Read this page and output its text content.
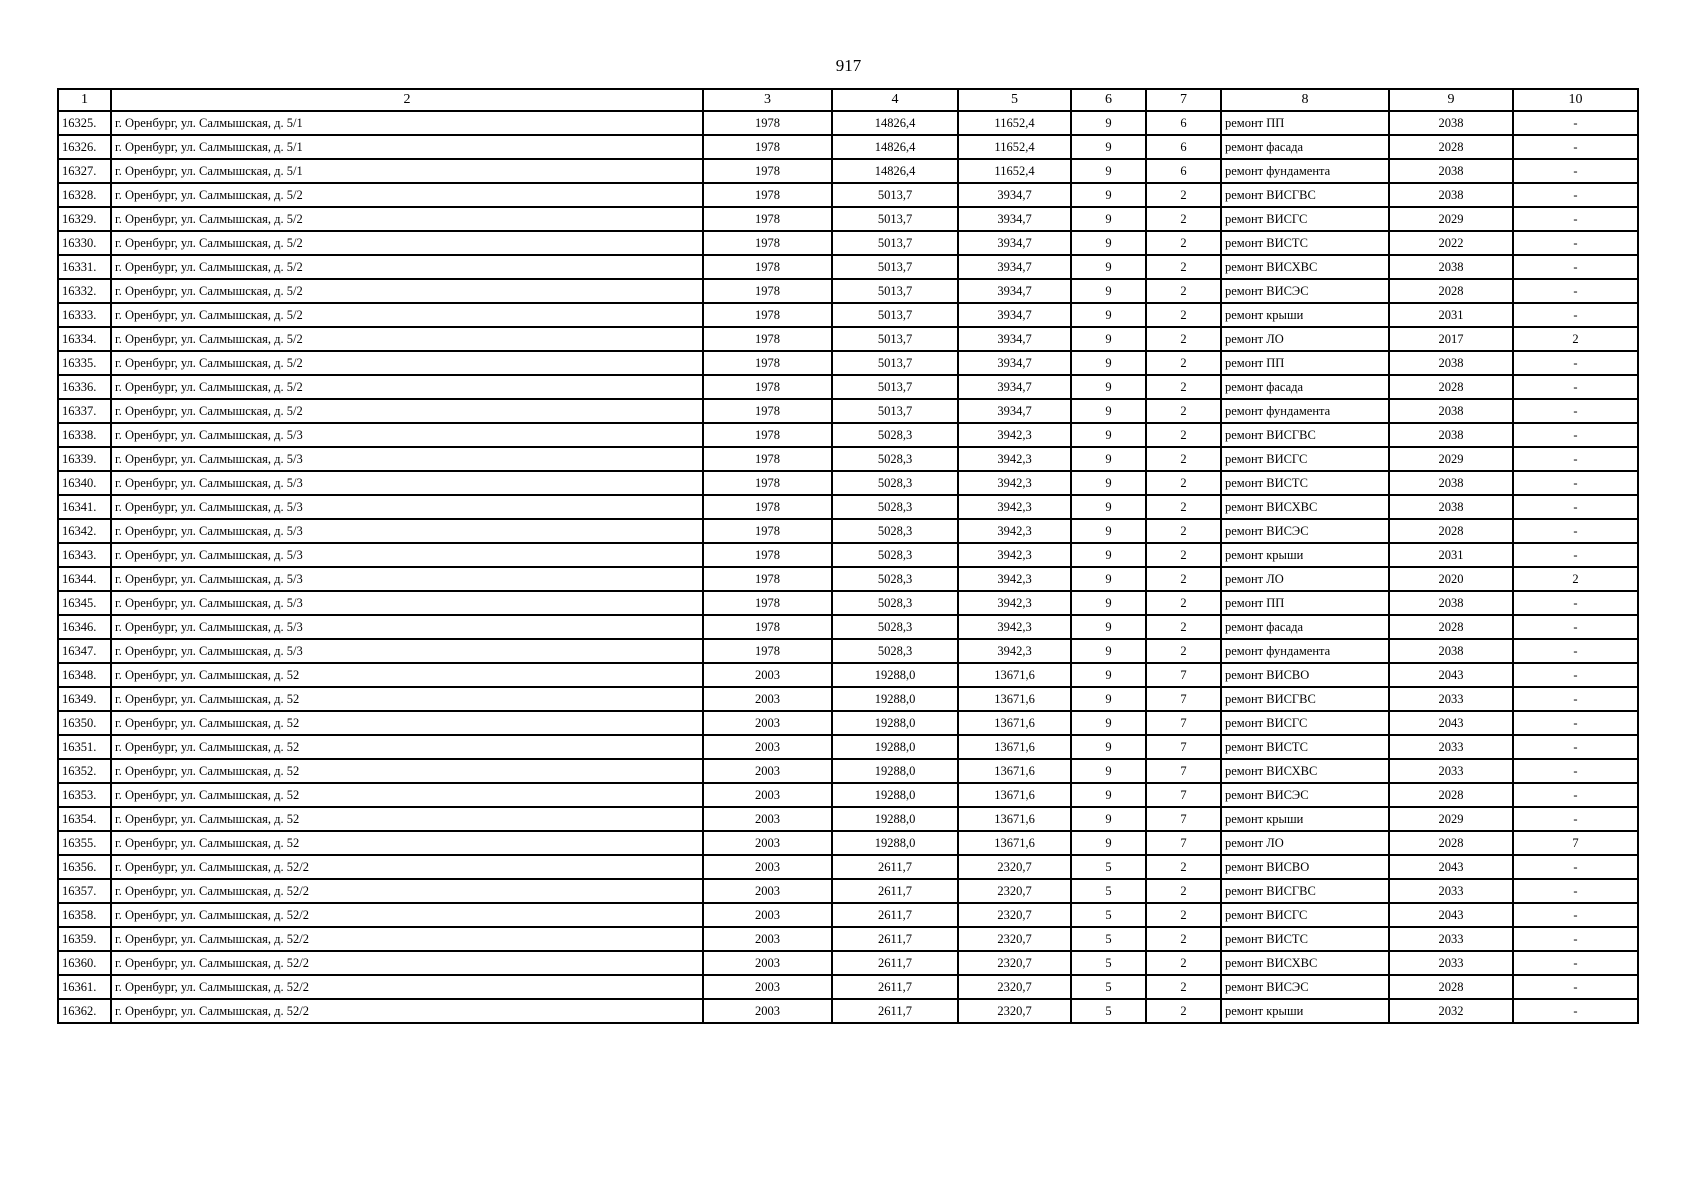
917
1	2	3	4	5	6	7	8	9	10
16325.	г. Оренбург, ул. Салмышская, д. 5/1	1978	14826,4	11652,4	9	6	ремонт ПП	2038	-
16326.	г. Оренбург, ул. Салмышская, д. 5/1	1978	14826,4	11652,4	9	6	ремонт фасада	2028	-
16327.	г. Оренбург, ул. Салмышская, д. 5/1	1978	14826,4	11652,4	9	6	ремонт фундамента	2038	-
16328.	г. Оренбург, ул. Салмышская, д. 5/2	1978	5013,7	3934,7	9	2	ремонт ВИСГВС	2038	-
16329.	г. Оренбург, ул. Салмышская, д. 5/2	1978	5013,7	3934,7	9	2	ремонт ВИСГС	2029	-
16330.	г. Оренбург, ул. Салмышская, д. 5/2	1978	5013,7	3934,7	9	2	ремонт ВИСТС	2022	-
16331.	г. Оренбург, ул. Салмышская, д. 5/2	1978	5013,7	3934,7	9	2	ремонт ВИСХВС	2038	-
16332.	г. Оренбург, ул. Салмышская, д. 5/2	1978	5013,7	3934,7	9	2	ремонт ВИСЭС	2028	-
16333.	г. Оренбург, ул. Салмышская, д. 5/2	1978	5013,7	3934,7	9	2	ремонт крыши	2031	-
16334.	г. Оренбург, ул. Салмышская, д. 5/2	1978	5013,7	3934,7	9	2	ремонт ЛО	2017	2
16335.	г. Оренбург, ул. Салмышская, д. 5/2	1978	5013,7	3934,7	9	2	ремонт ПП	2038	-
16336.	г. Оренбург, ул. Салмышская, д. 5/2	1978	5013,7	3934,7	9	2	ремонт фасада	2028	-
16337.	г. Оренбург, ул. Салмышская, д. 5/2	1978	5013,7	3934,7	9	2	ремонт фундамента	2038	-
16338.	г. Оренбург, ул. Салмышская, д. 5/3	1978	5028,3	3942,3	9	2	ремонт ВИСГВС	2038	-
16339.	г. Оренбург, ул. Салмышская, д. 5/3	1978	5028,3	3942,3	9	2	ремонт ВИСГС	2029	-
16340.	г. Оренбург, ул. Салмышская, д. 5/3	1978	5028,3	3942,3	9	2	ремонт ВИСТС	2038	-
16341.	г. Оренбург, ул. Салмышская, д. 5/3	1978	5028,3	3942,3	9	2	ремонт ВИСХВС	2038	-
16342.	г. Оренбург, ул. Салмышская, д. 5/3	1978	5028,3	3942,3	9	2	ремонт ВИСЭС	2028	-
16343.	г. Оренбург, ул. Салмышская, д. 5/3	1978	5028,3	3942,3	9	2	ремонт крыши	2031	-
16344.	г. Оренбург, ул. Салмышская, д. 5/3	1978	5028,3	3942,3	9	2	ремонт ЛО	2020	2
16345.	г. Оренбург, ул. Салмышская, д. 5/3	1978	5028,3	3942,3	9	2	ремонт ПП	2038	-
16346.	г. Оренбург, ул. Салмышская, д. 5/3	1978	5028,3	3942,3	9	2	ремонт фасада	2028	-
16347.	г. Оренбург, ул. Салмышская, д. 5/3	1978	5028,3	3942,3	9	2	ремонт фундамента	2038	-
16348.	г. Оренбург, ул. Салмышская, д. 52	2003	19288,0	13671,6	9	7	ремонт ВИСВО	2043	-
16349.	г. Оренбург, ул. Салмышская, д. 52	2003	19288,0	13671,6	9	7	ремонт ВИСГВС	2033	-
16350.	г. Оренбург, ул. Салмышская, д. 52	2003	19288,0	13671,6	9	7	ремонт ВИСГС	2043	-
16351.	г. Оренбург, ул. Салмышская, д. 52	2003	19288,0	13671,6	9	7	ремонт ВИСТС	2033	-
16352.	г. Оренбург, ул. Салмышская, д. 52	2003	19288,0	13671,6	9	7	ремонт ВИСХВС	2033	-
16353.	г. Оренбург, ул. Салмышская, д. 52	2003	19288,0	13671,6	9	7	ремонт ВИСЭС	2028	-
16354.	г. Оренбург, ул. Салмышская, д. 52	2003	19288,0	13671,6	9	7	ремонт крыши	2029	-
16355.	г. Оренбург, ул. Салмышская, д. 52	2003	19288,0	13671,6	9	7	ремонт ЛО	2028	7
16356.	г. Оренбург, ул. Салмышская, д. 52/2	2003	2611,7	2320,7	5	2	ремонт ВИСВО	2043	-
16357.	г. Оренбург, ул. Салмышская, д. 52/2	2003	2611,7	2320,7	5	2	ремонт ВИСГВС	2033	-
16358.	г. Оренбург, ул. Салмышская, д. 52/2	2003	2611,7	2320,7	5	2	ремонт ВИСГС	2043	-
16359.	г. Оренбург, ул. Салмышская, д. 52/2	2003	2611,7	2320,7	5	2	ремонт ВИСТС	2033	-
16360.	г. Оренбург, ул. Салмышская, д. 52/2	2003	2611,7	2320,7	5	2	ремонт ВИСХВС	2033	-
16361.	г. Оренбург, ул. Салмышская, д. 52/2	2003	2611,7	2320,7	5	2	ремонт ВИСЭС	2028	-
16362.	г. Оренбург, ул. Салмышская, д. 52/2	2003	2611,7	2320,7	5	2	ремонт крыши	2032	-
